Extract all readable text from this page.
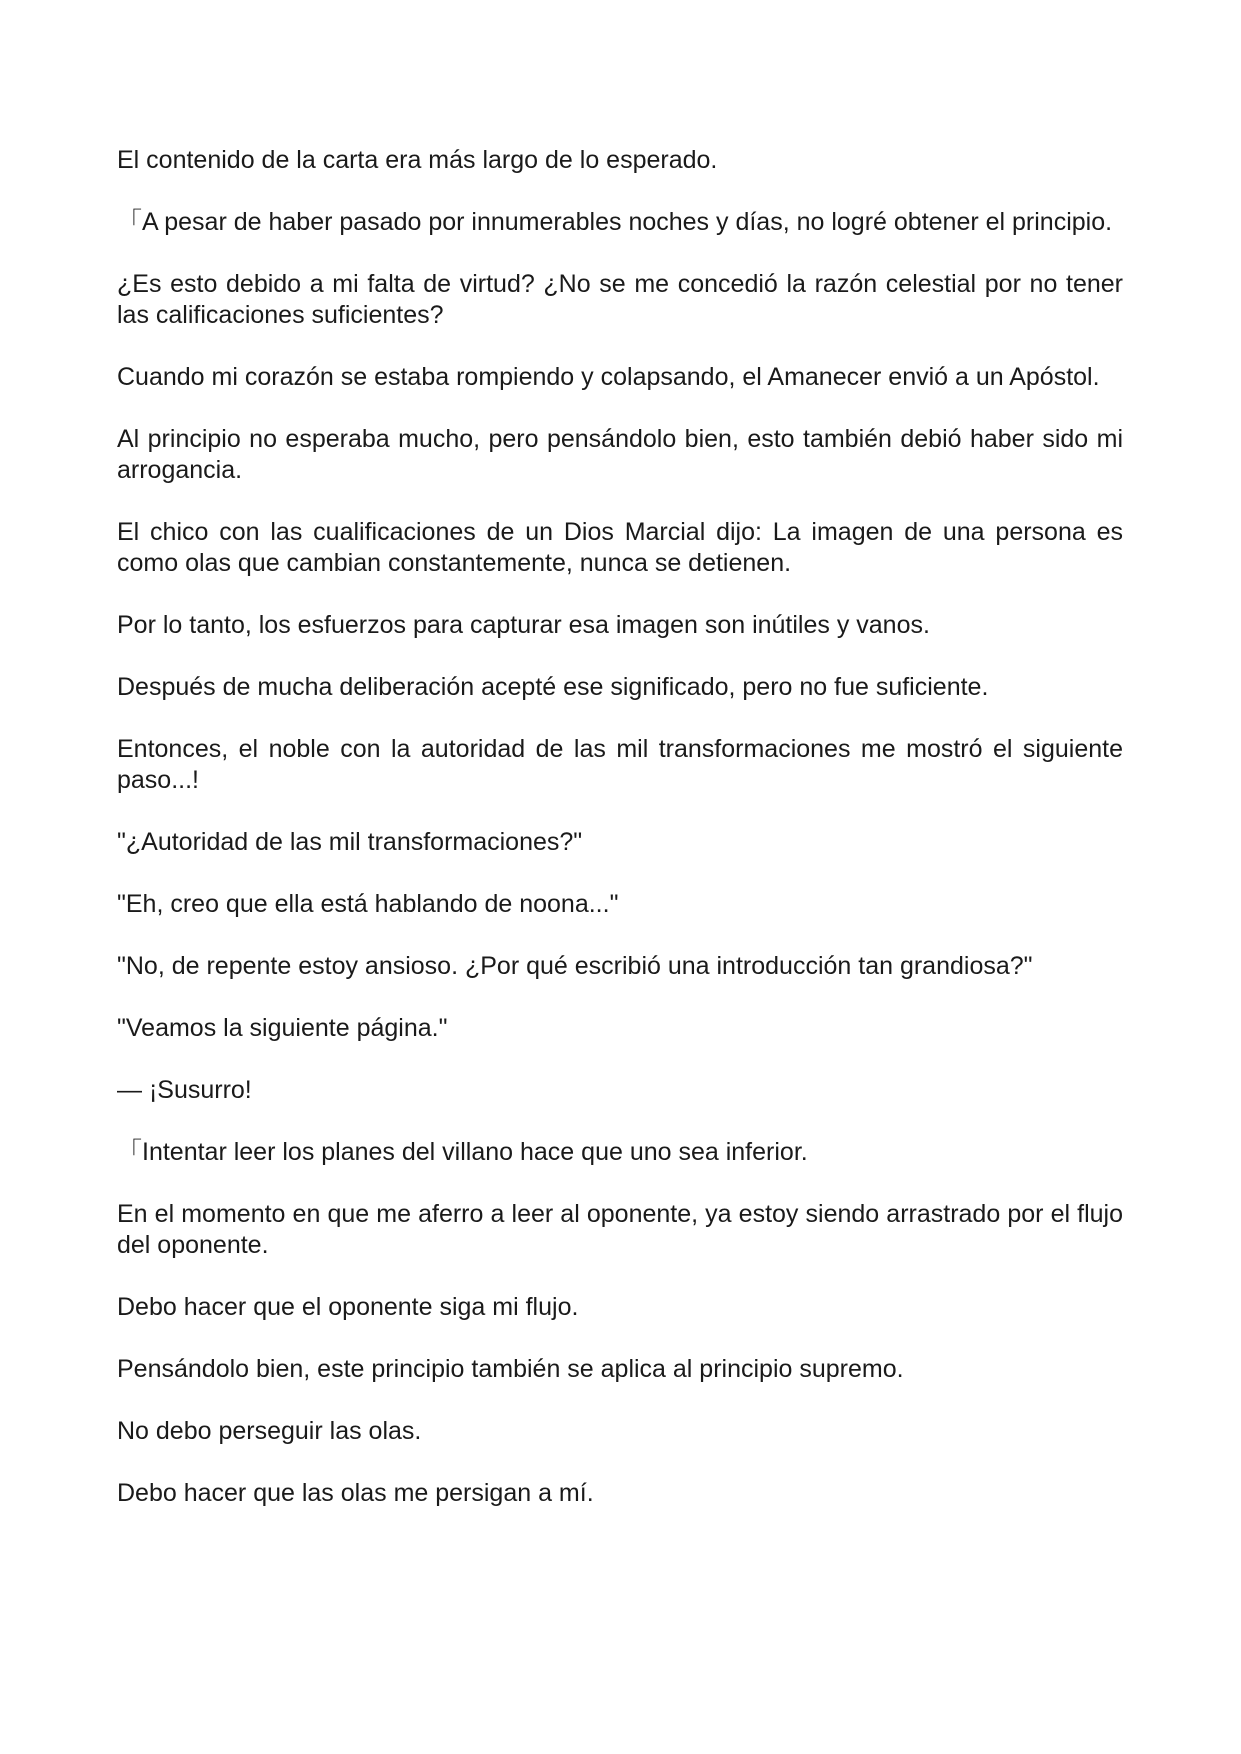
El contenido de la carta era más largo de lo esperado.

「A pesar de haber pasado por innumerables noches y días, no logré obtener el principio.

¿Es esto debido a mi falta de virtud? ¿No se me concedió la razón celestial por no tener las calificaciones suficientes?

Cuando mi corazón se estaba rompiendo y colapsando, el Amanecer envió a un Apóstol.

Al principio no esperaba mucho, pero pensándolo bien, esto también debió haber sido mi arrogancia.

El chico con las cualificaciones de un Dios Marcial dijo: La imagen de una persona es como olas que cambian constantemente, nunca se detienen.

Por lo tanto, los esfuerzos para capturar esa imagen son inútiles y vanos.

Después de mucha deliberación acepté ese significado, pero no fue suficiente.

Entonces, el noble con la autoridad de las mil transformaciones me mostró el siguiente paso...!

"¿Autoridad de las mil transformaciones?"

"Eh, creo que ella está hablando de noona..."

"No, de repente estoy ansioso. ¿Por qué escribió una introducción tan grandiosa?"

"Veamos la siguiente página."

— ¡Susurro!

「Intentar leer los planes del villano hace que uno sea inferior.

En el momento en que me aferro a leer al oponente, ya estoy siendo arrastrado por el flujo del oponente.

Debo hacer que el oponente siga mi flujo.

Pensándolo bien, este principio también se aplica al principio supremo.

No debo perseguir las olas.

Debo hacer que las olas me persigan a mí.
